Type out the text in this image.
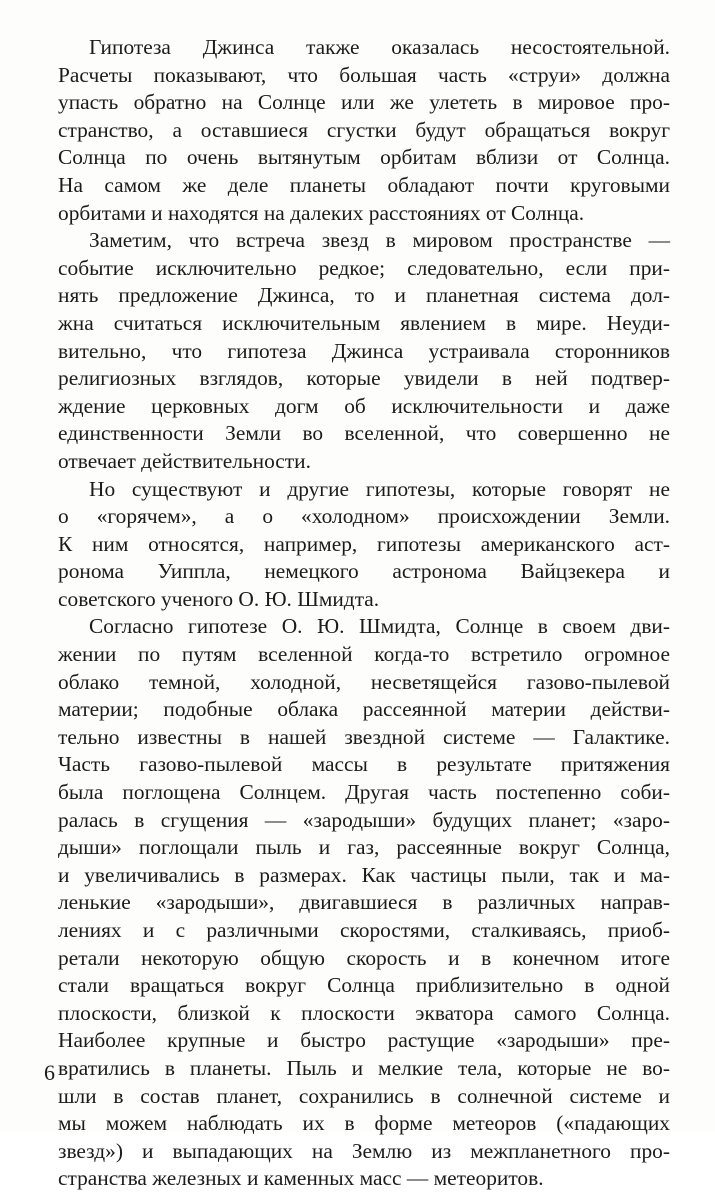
Гипотеза Джинса также оказалась несостоятельной.
Расчеты показывают, что большая часть «струи» должна
упасть обратно на Солнце или же улететь в мировое про-
странство, а оставшиеся сгустки будут обращаться вокруг
Солнца по очень вытянутым орбитам вблизи от Солнца.
На самом же деле планеты обладают почти круговыми
орбитами и находятся на далеких расстояниях от Солнца.
Заметим, что встреча звезд в мировом пространстве —
событие исключительно редкое; следовательно, если при-
нять предложение Джинса, то и планетная система дол-
жна считаться исключительным явлением в мире. Неуди-
вительно, что гипотеза Джинса устраивала сторонников
религиозных взглядов, которые увидели в ней подтвер-
ждение церковных догм об исключительности и даже
единственности Земли во вселенной, что совершенно не
отвечает действительности.
Но существуют и другие гипотезы, которые говорят не
о «горячем», а о «холодном» происхождении Земли.
К ним относятся, например, гипотезы американского аст-
ронома Уиппла, немецкого астронома Вайцзекера и
советского ученого О. Ю. Шмидта.
Согласно гипотезе О. Ю. Шмидта, Солнце в своем дви-
жении по путям вселенной когда-то встретило огромное
облако темной, холодной, несветящейся газово-пылевой
материи; подобные облака рассеянной материи действи-
тельно известны в нашей звездной системе — Галактике.
Часть газово-пылевой массы в результате притяжения
была поглощена Солнцем. Другая часть постепенно соби-
ралась в сгущения — «зародыши» будущих планет; «заро-
дыши» поглощали пыль и газ, рассеянные вокруг Солнца,
и увеличивались в размерах. Как частицы пыли, так и ма-
ленькие «зародыши», двигавшиеся в различных направ-
лениях и с различными скоростями, сталкиваясь, приоб-
ретали некоторую общую скорость и в конечном итоге
стали вращаться вокруг Солнца приблизительно в одной
плоскости, близкой к плоскости экватора самого Солнца.
Наиболее крупные и быстро растущие «зародыши» пре-
вратились в планеты. Пыль и мелкие тела, которые не во-
шли в состав планет, сохранились в солнечной системе и
мы можем наблюдать их в форме метеоров («падающих
звезд») и выпадающих на Землю из межпланетного про-
странства железных и каменных масс — метеоритов.
6
